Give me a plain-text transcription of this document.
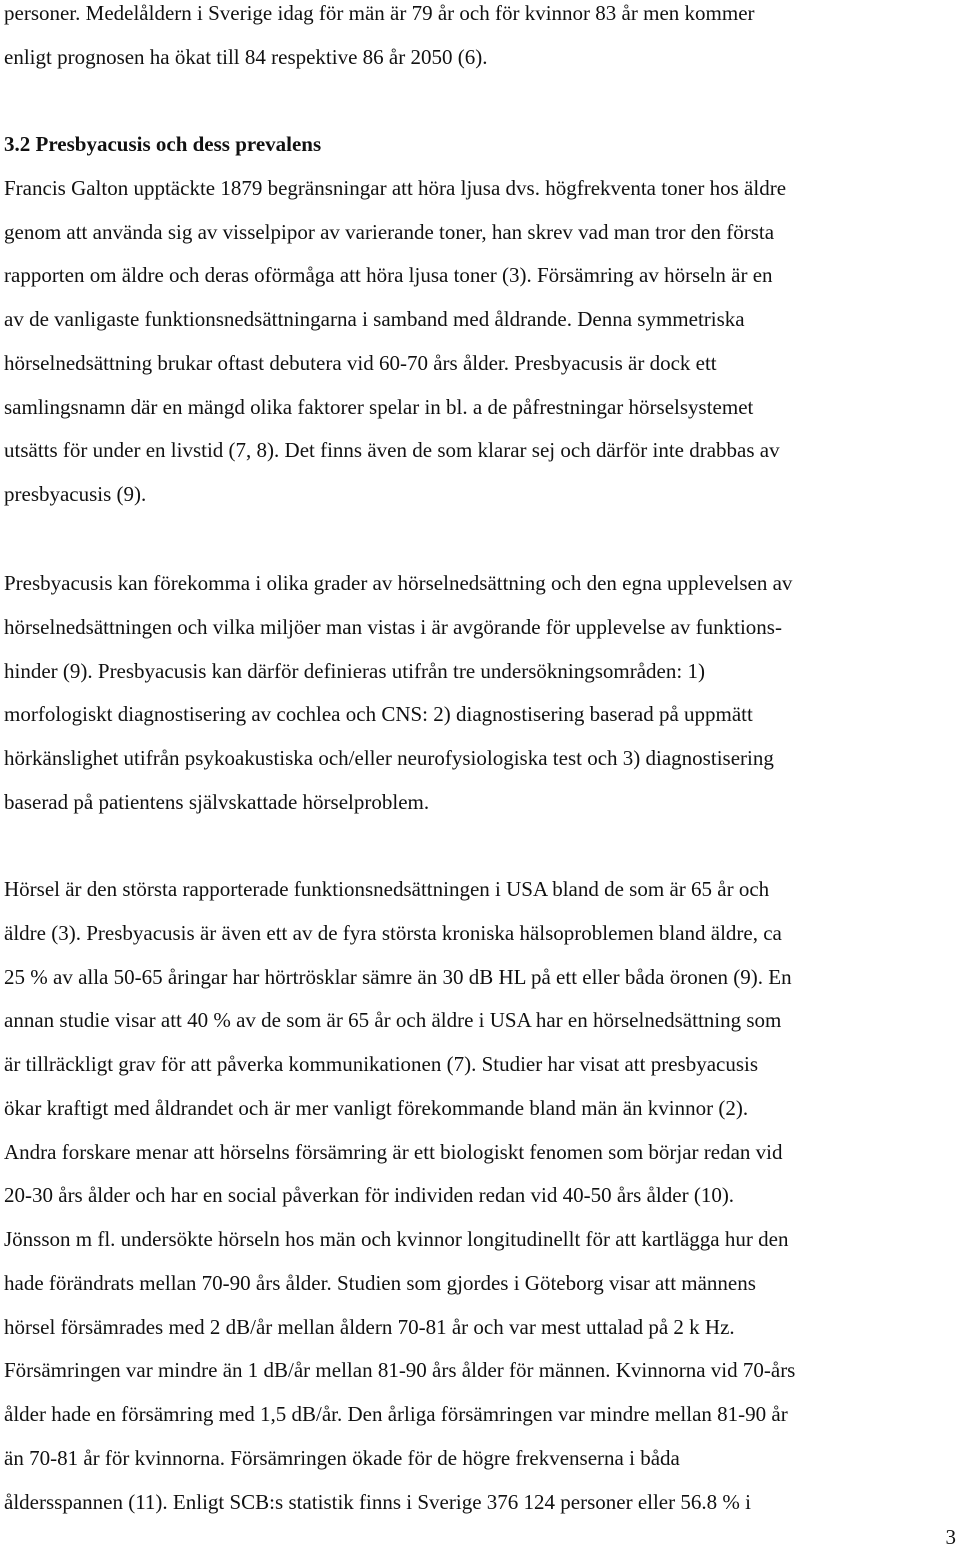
personer. Medelåldern i Sverige idag för män är 79 år och för kvinnor 83 år men kommer
enligt prognosen ha ökat till 84 respektive 86 år 2050 (6).
3.2 Presbyacusis och dess prevalens
Francis Galton upptäckte 1879 begränsningar att höra ljusa dvs. högfrekventa toner hos äldre
genom att använda sig av visselpipor av varierande toner, han skrev vad man tror den första
rapporten om äldre och deras oförmåga att höra ljusa toner (3). Försämring av hörseln är en
av de vanligaste funktionsnedsättningarna i samband med åldrande. Denna symmetriska
hörselnedsättning brukar oftast debutera vid 60-70 års ålder. Presbyacusis är dock ett
samlingsnamn där en mängd olika faktorer spelar in bl. a de påfrestningar hörselsystemet
utsätts för under en livstid (7, 8). Det finns även de som klarar sej och därför inte drabbas av
presbyacusis (9).
Presbyacusis kan förekomma i olika grader av hörselnedsättning och den egna upplevelsen av
hörselnedsättningen och vilka miljöer man vistas i är avgörande för upplevelse av funktions-
hinder (9). Presbyacusis kan därför definieras utifrån tre undersökningsområden: 1)
morfologiskt diagnostisering av cochlea och CNS: 2) diagnostisering baserad på uppmätt
hörkänslighet utifrån psykoakustiska och/eller neurofysiologiska test och 3) diagnostisering
baserad på patientens självskattade hörselproblem.
Hörsel är den största rapporterade funktionsnedsättningen i USA bland de som är 65 år och
äldre (3). Presbyacusis är även ett av de fyra största kroniska hälsoproblemen bland äldre, ca
25 % av alla 50-65 åringar har hörtrösklar sämre än 30 dB HL på ett eller båda öronen (9). En
annan studie visar att 40 % av de som är 65 år och äldre i USA har en hörselnedsättning som
är tillräckligt grav för att påverka kommunikationen (7). Studier har visat att presbyacusis
ökar kraftigt med åldrandet och är mer vanligt förekommande bland män än kvinnor (2).
Andra forskare menar att hörselns försämring är ett biologiskt fenomen som börjar redan vid
20-30 års ålder och har en social påverkan för individen redan vid 40-50 års ålder (10).
Jönsson m fl. undersökte hörseln hos män och kvinnor longitudinellt för att kartlägga hur den
hade förändrats mellan 70-90 års ålder. Studien som gjordes i Göteborg visar att männens
hörsel försämrades med 2 dB/år mellan åldern 70-81 år och var mest uttalad på 2 k Hz.
Försämringen var mindre än 1 dB/år mellan 81-90 års ålder för männen. Kvinnorna vid 70-års
ålder hade en försämring med 1,5 dB/år. Den årliga försämringen var mindre mellan 81-90 år
än 70-81 år för kvinnorna. Försämringen ökade för de högre frekvenserna i båda
åldersspannen (11). Enligt SCB:s statistik finns i Sverige 376 124 personer eller 56.8 % i
3
